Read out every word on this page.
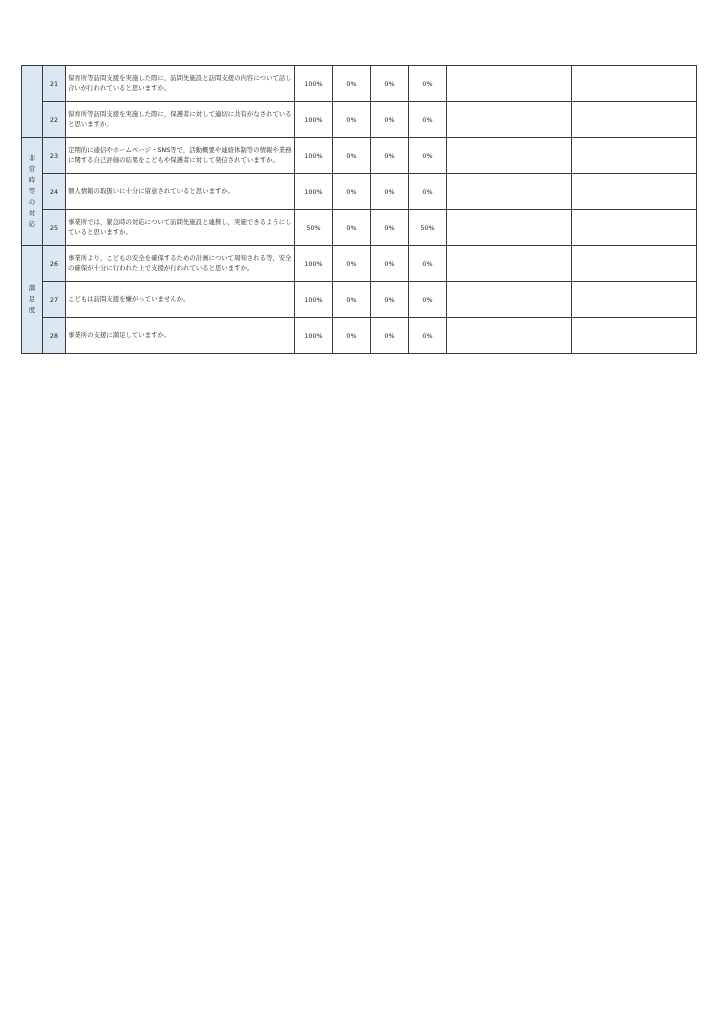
	21	保育所等訪問支援を実施した際に，訪問先施設と訪問支援の内容について話し合いが行われていると思いますか。	100%	0%	0%	0%		
	22	保育所等訪問支援を実施した際に，保護者に対して適切に共有がなされていると思いますか。	100%	0%	0%	0%		
非常時等の対応	23	定期的に通信やホームページ・SNS等で，活動概要や連絡体制等の情報や業務に関する自己評価の結果をこどもや保護者に対して発信されていますか。	100%	0%	0%	0%		
	24	個人情報の取扱いに十分に留意されていると思いますか。	100%	0%	0%	0%		
	25	事業所では，緊急時の対応について訪問先施設と連携し，実施できるようにしていると思いますか。	50%	0%	0%	50%		
満足度	26	事業所より，こどもの安全を確保するための計画について周知される等，安全の確保が十分に行われた上で支援が行われていると思いますか。	100%	0%	0%	0%		
	27	こどもは訪問支援を嫌がっていませんか。	100%	0%	0%	0%		
	28	事業所の支援に満足していますか。	100%	0%	0%	0%		
